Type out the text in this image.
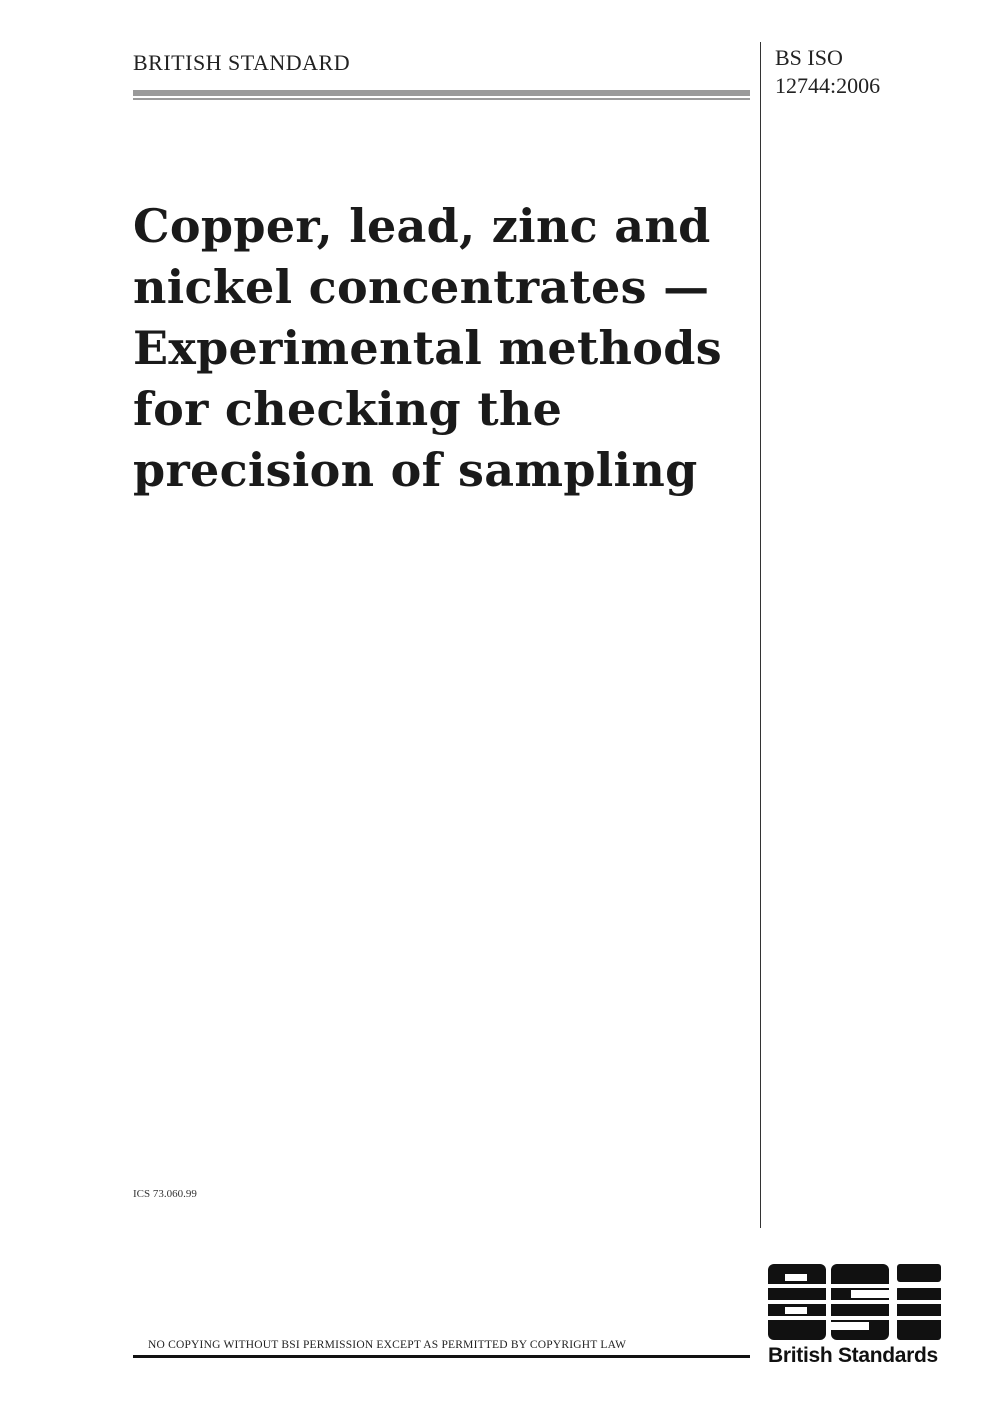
BRITISH STANDARD	BS ISO
12744:2006
Copper, lead, zinc and
nickel concentrates —
Experimental methods
for checking the
precision of sampling
ICS 73.060.99
NO COPYING WITHOUT BSI PERMISSION EXCEPT AS PERMITTED BY COPYRIGHT LAW	British Standards
